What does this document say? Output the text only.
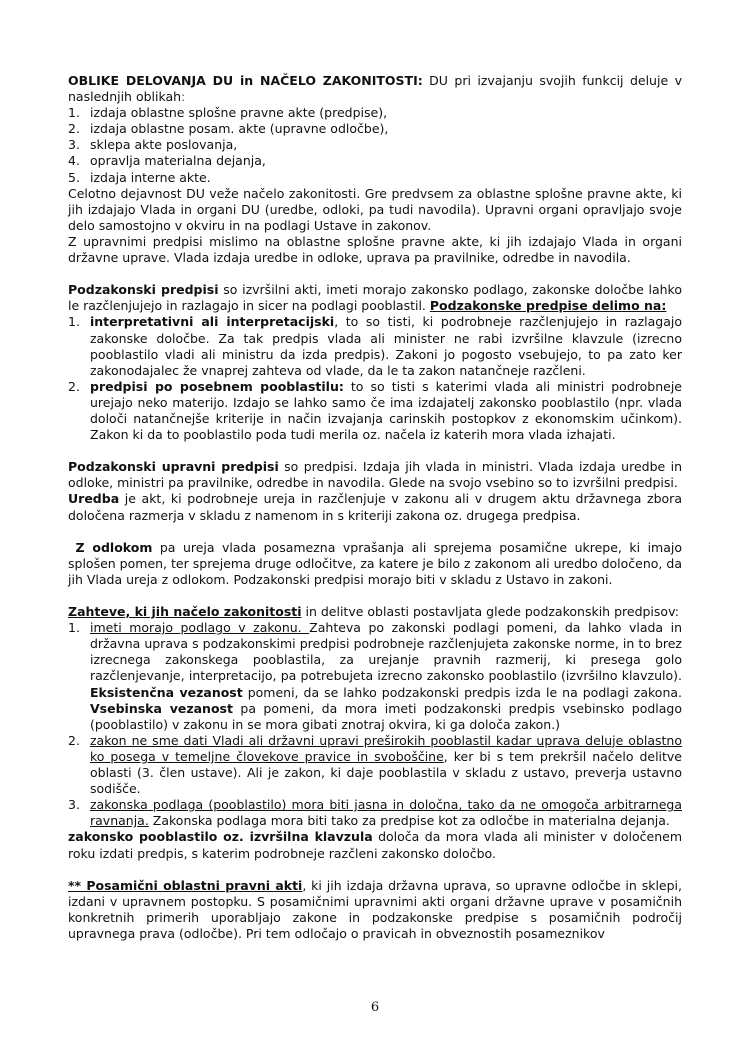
OBLIKE DELOVANJA DU in NAČELO ZAKONITOSTI: DU pri izvajanju svojih funkcij deluje v naslednjih oblikah:

1. izdaja oblastne splošne pravne akte (predpise),
2. izdaja oblastne posam. akte (upravne odločbe),
3. sklepa akte poslovanja,
4. opravlja materialna dejanja,
5. izdaja interne akte.

Celotno dejavnost DU veže načelo zakonitosti. Gre predvsem za oblastne splošne pravne akte, ki jih izdajajo Vlada in organi DU (uredbe, odloki, pa tudi navodila). Upravni organi opravljajo svoje delo samostojno v okviru in na podlagi Ustave in zakonov.

Z upravnimi predpisi mislimo na oblastne splošne pravne akte, ki jih izdajajo Vlada in organi državne uprave. Vlada izdaja uredbe in odloke, uprava pa pravilnike, odredbe in navodila.

Podzakonski predpisi so izvršilni akti, imeti morajo zakonsko podlago, zakonske določbe lahko le razčlenjujejo in razlagajo in sicer na podlagi pooblastil. Podzakonske predpise delimo na:

1. interpretativni ali interpretacijski, to so tisti, ki podrobneje razčlenjujejo in razlagajo zakonske določbe. Za tak predpis vlada ali minister ne rabi izvršilne klavzule (izrecno pooblastilo vladi ali ministru da izda predpis). Zakoni jo pogosto vsebujejo, to pa zato ker zakonodajalec že vnaprej zahteva od vlade, da le ta zakon natančneje razčleni.
2. predpisi po posebnem pooblastilu: to so tisti s katerimi vlada ali ministri podrobneje urejajo neko materijo. Izdajo se lahko samo če ima izdajatelj zakonsko pooblastilo (npr. vlada določi natančnejše kriterije in način izvajanja carinskih postopkov z ekonomskim učinkom). Zakon ki da to pooblastilo poda tudi merila oz. načela iz katerih mora vlada izhajati.

Podzakonski upravni predpisi so predpisi. Izdaja jih vlada in ministri. Vlada izdaja uredbe in odloke, ministri pa pravilnike, odredbe in navodila. Glede na svojo vsebino so to izvršilni predpisi.

Uredba je akt, ki podrobneje ureja in razčlenjuje v zakonu ali v drugem aktu državnega zbora določena razmerja v skladu z namenom in s kriteriji zakona oz. drugega predpisa.

Z odlokom pa ureja vlada posamezna vprašanja ali sprejema posamične ukrepe, ki imajo splošen pomen, ter sprejema druge odločitve, za katere je bilo z zakonom ali uredbo določeno, da jih Vlada ureja z odlokom. Podzakonski predpisi morajo biti v skladu z Ustavo in zakoni.

Zahteve, ki jih načelo zakonitosti in delitve oblasti postavljata glede podzakonskih predpisov:

1. imeti morajo podlago v zakonu. Zahteva po zakonski podlagi pomeni, da lahko vlada in državna uprava s podzakonskimi predpisi podrobneje razčlenjujeta zakonske norme, in to brez izrecnega zakonskega pooblastila, za urejanje pravnih razmerij, ki presega golo razčlenjevanje, interpretacijo, pa potrebujeta izrecno zakonsko pooblastilo (izvršilno klavzulo). Eksistenčna vezanost pomeni, da se lahko podzakonski predpis izda le na podlagi zakona. Vsebinska vezanost pa pomeni, da mora imeti podzakonski predpis vsebinsko podlago (pooblastilo) v zakonu in se mora gibati znotraj okvira, ki ga določa zakon.)
2. zakon ne sme dati Vladi ali državni upravi preširokih pooblastil kadar uprava deluje oblastno ko posega v temeljne človekove pravice in svoboščine, ker bi s tem prekršil načelo delitve oblasti (3. člen ustave). Ali je zakon, ki daje pooblastila v skladu z ustavo, preverja ustavno sodišče.
3. zakonska podlaga (pooblastilo) mora biti jasna in določna, tako da ne omogoča arbitrarnega ravnanja. Zakonska podlaga mora biti tako za predpise kot za odločbe in materialna dejanja.

zakonsko pooblastilo oz. izvršilna klavzula določa da mora vlada ali minister v določenem roku izdati predpis, s katerim podrobneje razčleni zakonsko določbo.

** Posamični oblastni pravni akti, ki jih izdaja državna uprava, so upravne odločbe in sklepi, izdani v upravnem postopku. S posamičnimi upravnimi akti organi državne uprave v posamičnih konkretnih primerih uporabljajo zakone in podzakonske predpise s posamičnih področij upravnega prava (odločbe). Pri tem odločajo o pravicah in obveznostih posameznikov

6
